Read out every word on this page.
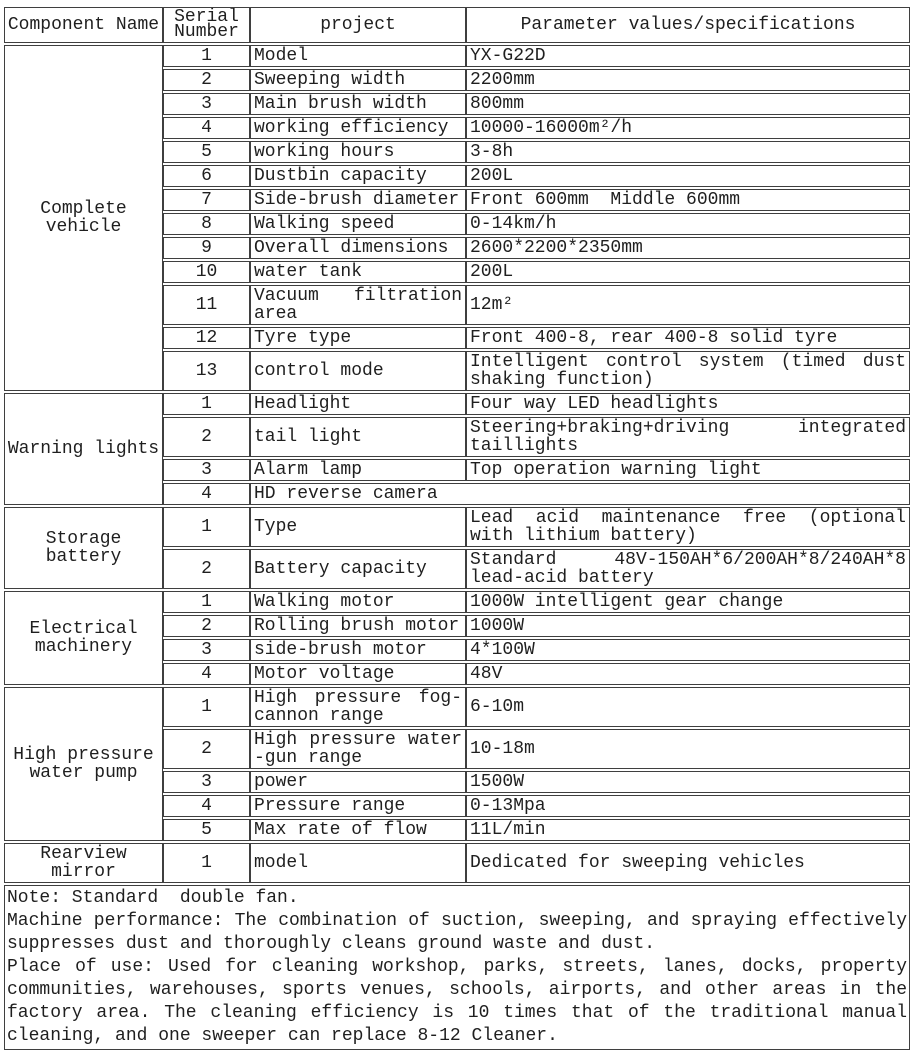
Component Name	Serial Number	project	Parameter values/specifications
Complete vehicle	1	Model	YX-G22D
	2	Sweeping width	2200mm
	3	Main brush width	800mm
	4	working efficiency	10000-16000m²/h
	5	working hours	3-8h
	6	Dustbin capacity	200L
	7	Side-brush diameter	Front 600mm  Middle 600mm
	8	Walking speed	0-14km/h
	9	Overall dimensions	2600*2200*2350mm
	10	water tank	200L
	11	Vacuum filtration area	12m²
	12	Tyre type	Front 400-8, rear 400-8 solid tyre
	13	control mode	Intelligent control system (timed dust shaking function)
Warning lights	1	Headlight	Four way LED headlights
	2	tail light	Steering+braking+driving integrated taillights
	3	Alarm lamp	Top operation warning light
	4	HD reverse camera	
Storage battery	1	Type	Lead acid maintenance free (optional with lithium battery)
	2	Battery capacity	Standard 48V-150AH*6/200AH*8/240AH*8 lead-acid battery
Electrical machinery	1	Walking motor	1000W intelligent gear change
	2	Rolling brush motor	1000W
	3	side-brush motor	4*100W
	4	Motor voltage	48V
High pressure water pump	1	High pressure fog-cannon range	6-10m
	2	High pressure water​-gun range	10-18m
	3	power	1500W
	4	Pressure range	0-13Mpa
	5	Max rate of flow	11L/min
Rearview mirror	1	model	Dedicated for sweeping vehicles

Note: Standard  double fan.

Machine performance: The combination of suction, sweeping, and spraying effectively suppresses dust and thoroughly cleans ground waste and dust.

Place of use: Used for cleaning workshop, parks, streets, lanes, docks, property communities, warehouses, sports venues, schools, airports, and other areas in the factory area. The cleaning efficiency is 10 times that of the traditional manual cleaning, and one sweeper can replace 8-12 Cleaner.			
